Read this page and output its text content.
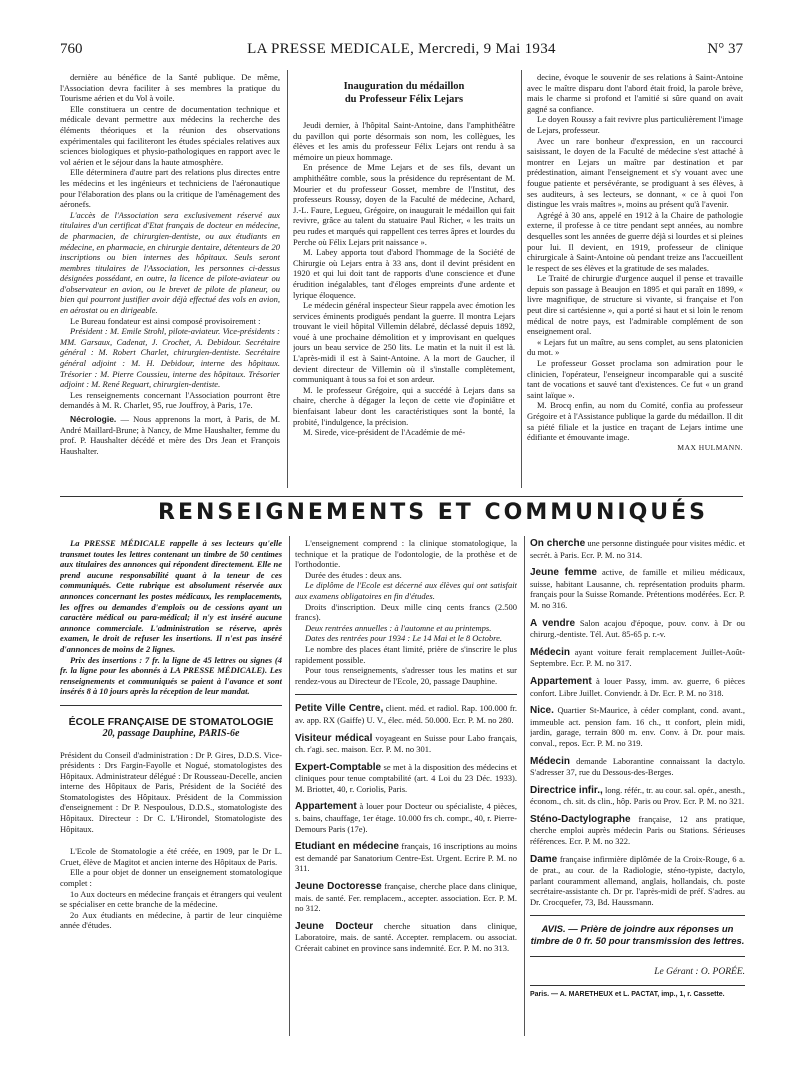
760	LA PRESSE MEDICALE, Mercredi, 9 Mai 1934	N° 37

dernière au bénéfice de la Santé publique. De même, l'Association devra faciliter à ses membres la pratique du Tourisme aérien et du Vol à voile.

Elle constituera un centre de documentation technique et médicale devant permettre aux médecins la recherche des éléments théoriques et la réunion des observations expérimentales qui faciliteront les études spéciales relatives aux sciences biologiques et physio-pathologiques en rapport avec le vol aérien et le séjour dans la haute atmosphère.

Elle déterminera d'autre part des relations plus directes entre les médecins et les ingénieurs et techniciens de l'aéronautique pour l'élaboration des plans ou la critique de l'aménagement des aéronefs.

L'accès de l'Association sera exclusivement réservé aux titulaires d'un certificat d'Etat français de docteur en médecine, de pharmacien, de chirurgien-dentiste, ou aux étudiants en médecine, en pharmacie, en chirurgie dentaire, détenteurs de 20 inscriptions ou bien internes des hôpitaux. Seuls seront membres titulaires de l'Association, les personnes ci-dessus désignées possédant, en outre, la licence de pilote-aviateur ou d'observateur en avion, ou le brevet de pilote de planeur, ou bien qui pourront justifier avoir déjà effectué des vols en avion, en aérostat ou en dirigeable.

Le Bureau fondateur est ainsi composé provisoirement :

Président : M. Emile Strohl, pilote-aviateur. Vice-présidents : MM. Garsaux, Cadenat, J. Crochet, A. Debidour. Secrétaire général : M. Robert Charlet, chirurgien-dentiste. Secrétaire général adjoint : M. H. Debidour, interne des hôpitaux. Trésorier : M. Pierre Coussieu, interne des hôpitaux. Trésorier adjoint : M. René Reguart, chirurgien-dentiste.

Les renseignements concernant l'Association pourront être demandés à M. R. Charlet, 95, rue Jouffroy, à Paris, 17e.

Nécrologie. — Nous apprenons la mort, à Paris, de M. André Maillard-Brune; à Nancy, de Mme Haushalter, femme du prof. P. Haushalter décédé et mère des Drs Jean et François Haushalter.

Inauguration du médaillon
du Professeur Félix Lejars

Jeudi dernier, à l'hôpital Saint-Antoine, dans l'amphithéâtre du pavillon qui porte désormais son nom, les collègues, les élèves et les amis du professeur Félix Lejars ont rendu à sa mémoire un pieux hommage.

En présence de Mme Lejars et de ses fils, devant un amphithéâtre comble, sous la présidence du représentant de M. Mourier et du professeur Gosset, membre de l'Institut, des professeurs Roussy, doyen de la Faculté de médecine, Achard, J.-L. Faure, Legueu, Grégoire, on inaugurait le médaillon qui fait revivre, grâce au talent du statuaire Paul Richer, « les traits un peu rudes et marqués qui rappellent ces terres âpres et lourdes du Perche où Félix Lejars prit naissance ».

M. Labey apporta tout d'abord l'hommage de la Société de Chirurgie où Lejars entra à 33 ans, dont il devint président en 1920 et qui lui doit tant de rapports d'une conscience et d'une érudition inégalables, tant d'éloges empreints d'une ardente et lyrique éloquence.

Le médecin général inspecteur Sieur rappela avec émotion les services éminents prodigués pendant la guerre. Il montra Lejars trouvant le vieil hôpital Villemin délabré, déclassé depuis 1892, voué à une prochaine démolition et y improvisant en quelques jours un beau service de 250 lits. Le matin et la nuit il est là. L'après-midi il est à Saint-Antoine. A la mort de Gaucher, il devient directeur de Villemin où il s'installe complètement, communiquant à tous sa foi et son ardeur.

M. le professeur Grégoire, qui a succédé à Lejars dans sa chaire, cherche à dégager la leçon de cette vie d'opiniâtre et bienfaisant labeur dont les caractéristiques sont la bonté, la probité, l'indulgence, la précision.

M. Sirede, vice-président de l'Académie de mé-

decine, évoque le souvenir de ses relations à Saint-Antoine avec le maître disparu dont l'abord était froid, la parole brève, mais le charme si profond et l'amitié si sûre quand on avait gagné sa confiance.

Le doyen Roussy a fait revivre plus particulièrement l'image de Lejars, professeur.

Avec un rare bonheur d'expression, en un raccourci saisissant, le doyen de la Faculté de médecine s'est attaché à montrer en Lejars un maître par destination et par prédestination, aimant l'enseignement et s'y vouant avec une fougue patiente et persévérante, se prodiguant à ses élèves, à ses auditeurs, à ses lecteurs, se donnant, « ce à quoi l'on distingue les vrais maîtres », moins au présent qu'à l'avenir.

Agrégé à 30 ans, appelé en 1912 à la Chaire de pathologie externe, il professe à ce titre pendant sept années, au nombre desquelles sont les années de guerre déjà si lourdes et si pleines pour lui. Il devient, en 1919, professeur de clinique chirurgicale à Saint-Antoine où pendant treize ans l'accueillent le respect de ses élèves et la gratitude de ses malades.

Le Traité de chirurgie d'urgence auquel il pense et travaille depuis son passage à Beaujon en 1895 et qui paraît en 1899, « livre magnifique, de structure si vivante, si française et l'on peut dire si cartésienne », qui a porté si haut et si loin le renom médical de notre pays, est l'admirable complément de son enseignement oral.

« Lejars fut un maître, au sens complet, au sens platonicien du mot. »

Le professeur Gosset proclama son admiration pour le clinicien, l'opérateur, l'enseigneur incomparable qui a suscité tant de vocations et sauvé tant d'existences. Ce fut « un grand saint laïque ».

M. Brocq enfin, au nom du Comité, confia au professeur Grégoire et à l'Assistance publique la garde du médaillon. Il dit sa piété filiale et la justice en traçant de Lejars intime une édifiante et émouvante image.

MAX HULMANN.
RENSEIGNEMENTS ET COMMUNIQUÉS

La PRESSE MÉDICALE rappelle à ses lecteurs qu'elle transmet toutes les lettres contenant un timbre de 50 centimes aux titulaires des annonces qui répondent directement. Elle ne prend aucune responsabilité quant à la teneur de ces communiqués. Cette rubrique est absolument réservée aux annonces concernant les postes médicaux, les remplacements, les offres ou demandes d'emplois ou de cessions ayant un caractère médical ou para-médical; il n'y est inséré aucune annonce commerciale. L'administration se réserve, après examen, le droit de refuser les insertions. Il n'est pas inséré d'annonces de moins de 2 lignes.

Prix des insertions : 7 fr. la ligne de 45 lettres ou signes (4 fr. la ligne pour les abonnés à LA PRESSE MÉDICALE). Les renseignements et communiqués se paient à l'avance et sont insérés 8 à 10 jours après la réception de leur mandat.

ÉCOLE FRANÇAISE DE STOMATOLOGIE
20, passage Dauphine, PARIS-6e

Président du Conseil d'administration : Dr P. Gires, D.D.S. Vice-présidents : Drs Fargin-Fayolle et Nogué, stomatologistes des Hôpitaux. Administrateur délégué : Dr Rousseau-Decelle, ancien interne des Hôpitaux de Paris, Président de la Société des Stomatologistes des Hôpitaux. Président de la Commission d'enseignement : Dr P. Nespoulous, D.D.S., stomatologiste des Hôpitaux. Directeur : Dr C. L'Hirondel, Stomatologiste des Hôpitaux.

L'Ecole de Stomatologie a été créée, en 1909, par le Dr L. Cruet, élève de Magitot et ancien interne des Hôpitaux de Paris.

Elle a pour objet de donner un enseignement stomatologique complet :

1o Aux docteurs en médecine français et étrangers qui veulent se spécialiser en cette branche de la médecine.

2o Aux étudiants en médecine, à partir de leur cinquième année d'études.

L'enseignement comprend : la clinique stomatologique, la technique et la pratique de l'odontologie, de la prothèse et de l'orthodontie.

Durée des études : deux ans.

Le diplôme de l'Ecole est décerné aux élèves qui ont satisfait aux examens obligatoires en fin d'études.

Droits d'inscription. Deux mille cinq cents francs (2.500 francs).

Deux rentrées annuelles : à l'automne et au printemps.

Dates des rentrées pour 1934 : Le 14 Mai et le 8 Octobre.

Le nombre des places étant limité, prière de s'inscrire le plus rapidement possible.

Pour tous renseignements, s'adresser tous les matins et sur rendez-vous au Directeur de l'Ecole, 20, passage Dauphine.

Petite Ville Centre, client. méd. et radiol. Rap. 100.000 fr. av. app. RX (Gaiffe) U. V., élec. méd. 50.000. Ecr. P. M. no 280.
Visiteur médical voyageant en Suisse pour Labo français, ch. r'agi. sec. maison. Ecr. P. M. no 301.
Expert-Comptable se met à la disposition des médecins et cliniques pour tenue comptabilité (art. 4 Loi du 23 Déc. 1933). M. Briottet, 40, r. Coriolis, Paris.
Appartement à louer pour Docteur ou spécialiste, 4 pièces, s. bains, chauffage, 1er étage. 10.000 frs ch. compr., 40, r. Pierre-Demours Paris (17e).
Etudiant en médecine français, 16 inscriptions au moins est demandé par Sanatorium Centre-Est. Urgent. Ecrire P. M. no 311.
Jeune Doctoresse française, cherche place dans clinique, mais. de santé. Fer. remplacem., accepter. association. Ecr. P. M. no 312.
Jeune Docteur cherche situation dans clinique, Laboratoire, mais. de santé. Accepter. remplacem. ou associat. Créerait cabinet en province sans indemnité. Ecr. P. M. no 313.
On cherche une personne distinguée pour visites médic. et secrét. à Paris. Ecr. P. M. no 314.
Jeune femme active, de famille et milieu médicaux, suisse, habitant Lausanne, ch. représentation produits pharm. français pour la Suisse Romande. Prétentions modérées. Ecr. P. M. no 316.
A vendre Salon acajou d'époque, pouv. conv. à Dr ou chirurg.-dentiste. Tél. Aut. 85-65 p. r.-v.
Médecin ayant voiture ferait remplacement Juillet-Août-Septembre. Ecr. P. M. no 317.
Appartement à louer Passy, imm. av. guerre, 6 pièces confort. Libre Juillet. Conviendr. à Dr. Ecr. P. M. no 318.
Nice. Quartier St-Maurice, à céder complant, cond. avant., immeuble act. pension fam. 16 ch., tt confort, plein midi, jardin, garage, terrain 800 m. env. Conv. à Dr. pour mais. conval., repos. Ecr. P. M. no 319.
Médecin demande Laborantine connaissant la dactylo. S'adresser 37, rue du Dessous-des-Berges.
Directrice infir., long. référ., tr. au cour. sal. opér., anesth., économ., ch. sit. ds clin., hôp. Paris ou Prov. Ecr. P. M. no 321.
Sténo-Dactylographe française, 12 ans pratique, cherche emploi auprès médecin Paris ou Stations. Sérieuses références. Ecr. P. M. no 322.
Dame française infirmière diplômée de la Croix-Rouge, 6 a. de prat., au cour. de la Radiologie, sténo-typiste, dactylo, parlant couramment allemand, anglais, hollandais, ch. poste secrétaire-assistante ch. Dr pr. l'après-midi de préf. S'adres. au Dr. Crocquefer, 73, Bd. Haussmann.
AVIS. — Prière de joindre aux réponses un timbre de 0 fr. 50 pour transmission des lettres.
Le Gérant : O. PORÉE.
Paris. — A. MARETHEUX et L. PACTAT, imp., 1, r. Cassette.
